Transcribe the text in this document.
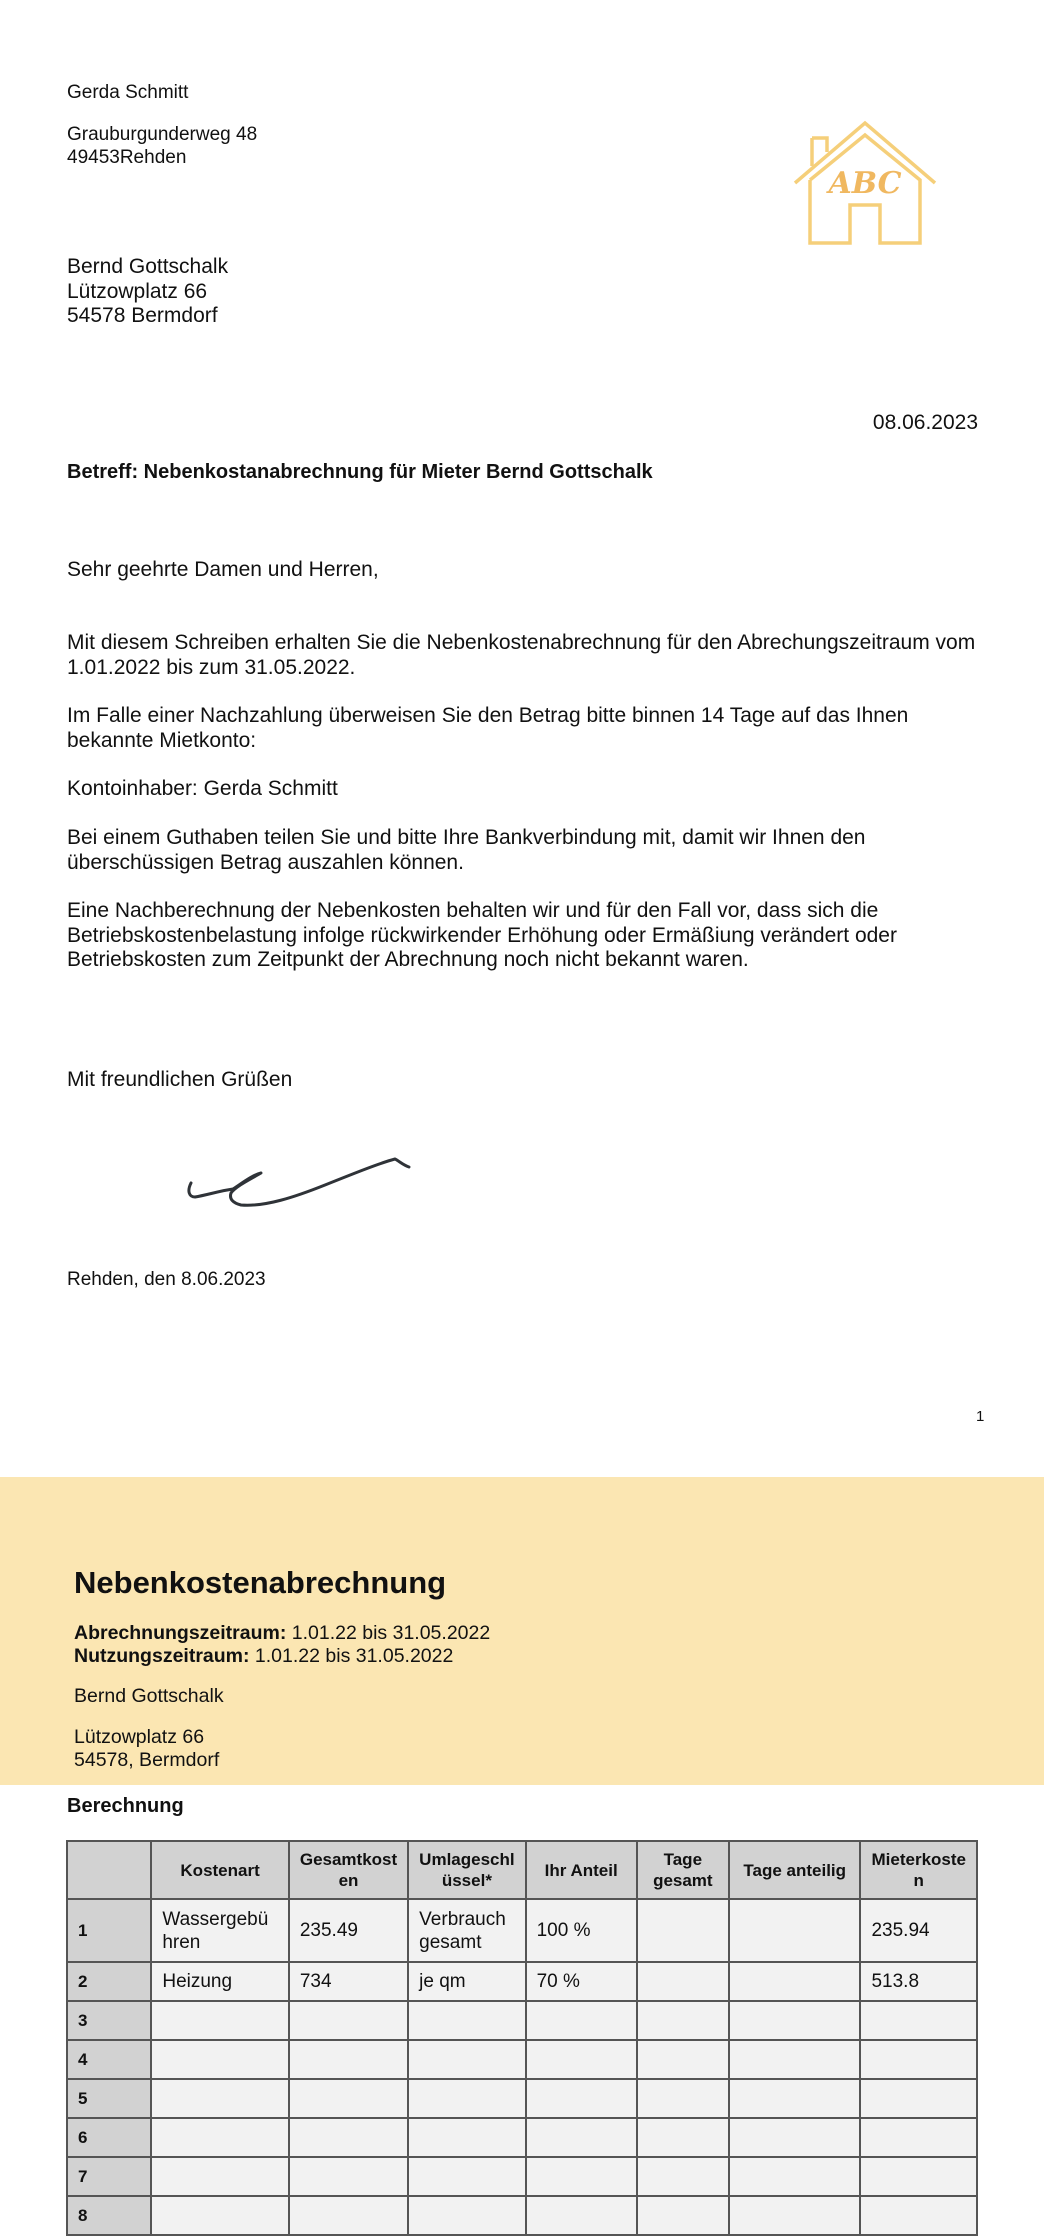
Gerda Schmitt
Grauburgunderweg 48
49453Rehden
ABC
Bernd Gottschalk
Lützowplatz 66
54578 Bermdorf
08.06.2023
Betreff: Nebenkostanabrechnung für Mieter Bernd Gottschalk
Sehr geehrte Damen und Herren,
Mit diesem Schreiben erhalten Sie die Nebenkostenabrechnung für den Abrechungszeitraum vom 1.01.2022 bis zum 31.05.2022.
Im Falle einer Nachzahlung überweisen Sie den Betrag bitte binnen 14 Tage auf das Ihnen bekannte Mietkonto:
Kontoinhaber: Gerda Schmitt
Bei einem Guthaben teilen Sie und bitte Ihre Bankverbindung mit, damit wir Ihnen den überschüssigen Betrag auszahlen können.
Eine Nachberechnung der Nebenkosten behalten wir und für den Fall vor, dass sich die Betriebskostenbelastung infolge rückwirkender Erhöhung oder Ermäßiung verändert oder Betriebskosten zum Zeitpunkt der Abrechnung noch nicht bekannt waren.
Mit freundlichen Grüßen
Rehden, den 8.06.2023
1
Nebenkostenabrechnung
Abrechnungszeitraum: 1.01.22 bis 31.05.2022
Nutzungszeitraum: 1.01.22 bis 31.05.2022
Bernd Gottschalk
Lützowplatz 66
54578, Bermdorf
Berechnung
	Kostenart	Gesamtkost en	Umlageschl üssel*	Ihr Anteil	Tage gesamt	Tage anteilig	Mieterkoste n
1	Wassergebühren	235.49	Verbrauch gesamt	100 %			235.94
2	Heizung	734	je qm	70 %			513.8
3							
4							
5							
6							
7							
8							
